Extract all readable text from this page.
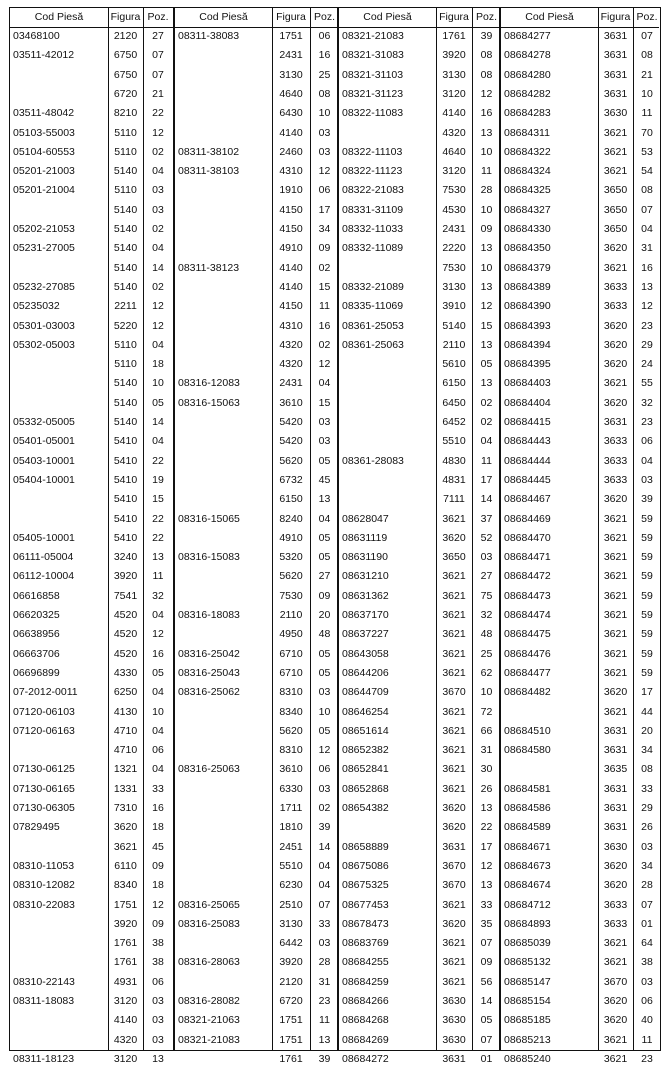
Cod Piesă	Figura Poz.
03468100	2120	27
03511-42012	6750	07
6750	07
6720	21
03511-48042	8210	22
05103-55003	5110	12
05104-60553	5110	02
05201-21003	5140	04
05201-21004	5110	03
5140	03
05202-21053	5140	02
05231-27005	5140	04
5140	14
05232-27085	5140	02
05235032	2211	12
05301-03003	5220	12
05302-05003	5110	04
5110	18
5140	10
5140	05
05332-05005	5140	14
05401-05001	5410	04
05403-10001	5410	22
05404-10001	5410	19
5410	15
5410	22
05405-10001	5410	22
06111-05004	3240	13
06112-10004	3920	11
06616858	7541	32
06620325	4520	04
06638956	4520	12
06663706	4520	16
06696899	4330	05
07-2012-0011	6250	04
07120-06103	4130	10
07120-06163	4710	04
4710	06
07130-06125	1321	04
07130-06165	1331	33
07130-06305	7310	16
07829495	3620	18
3621	45
08310-11053	6110	09
08310-12082	8340	18
08310-22083	1751	12
3920	09
1761	38
1761	38
08310-22143	4931	06
08311-18083	3120	03
4140	03
4320	03
08311-18123	3120	13
Cod Piesă	Figura Poz.
08311-38083	1751	06
2431	16
3130	25
4640	08
6430	10
4140	03
08311-38102	2460	03
08311-38103	4310	12
1910	06
4150	17
4150	34
4910	09
08311-38123	4140	02
4140	15
4150	11
4310	16
4320	02
4320	12
08316-12083	2431	04
08316-15063	3610	15
5420	03
5420	03
5620	05
6732	45
6150	13
08316-15065	8240	04
4910	05
08316-15083	5320	05
5620	27
7530	09
08316-18083	2110	20
4950	48
08316-25042	6710	05
08316-25043	6710	05
08316-25062	8310	03
8340	10
5620	05
8310	12
08316-25063	3610	06
6330	03
1711	02
1810	39
2451	14
5510	04
6230	04
08316-25065	2510	07
08316-25083	3130	33
6442	03
08316-28063	3920	28
2120	31
08316-28082	6720	23
08321-21063	1751	11
08321-21083	1751	13
1761	39
Cod Piesă	Figura Poz.
08321-21083	1761	39
08321-31083	3920	08
08321-31103	3130	08
08321-31123	3120	12
08322-11083	4140	16
4320	13
08322-11103	4640	10
08322-11123	3120	11
08322-21083	7530	28
08331-31109	4530	10
08332-11033	2431	09
08332-11089	2220	13
7530	10
08332-21089	3130	13
08335-11069	3910	12
08361-25053	5140	15
08361-25063	2110	13
5610	05
6150	13
6450	02
6452	02
5510	04
08361-28083	4830	11
4831	17
7111	14
08628047	3621	37
08631119	3620	52
08631190	3650	03
08631210	3621	27
08631362	3621	75
08637170	3621	32
08637227	3621	48
08643058	3621	25
08644206	3621	62
08644709	3670	10
08646254	3621	72
08651614	3621	66
08652382	3621	31
08652841	3621	30
08652868	3621	26
08654382	3620	13
3620	22
08658889	3631	17
08675086	3670	12
08675325	3670	13
08677453	3621	33
08678473	3620	35
08683769	3621	07
08684255	3621	09
08684259	3621	56
08684266	3630	14
08684268	3630	05
08684269	3630	07
08684272	3631	01
Cod Piesă	Figura Poz.
08684277	3631	07
08684278	3631	08
08684280	3631	21
08684282	3631	10
08684283	3630	11
08684311	3621	70
08684322	3621	53
08684324	3621	54
08684325	3650	08
08684327	3650	07
08684330	3650	04
08684350	3620	31
08684379	3621	16
08684389	3633	13
08684390	3633	12
08684393	3620	23
08684394	3620	29
08684395	3620	24
08684403	3621	55
08684404	3620	32
08684415	3631	23
08684443	3633	06
08684444	3633	04
08684445	3633	03
08684467	3620	39
08684469	3621	59
08684470	3621	59
08684471	3621	59
08684472	3621	59
08684473	3621	59
08684474	3621	59
08684475	3621	59
08684476	3621	59
08684477	3621	59
08684482	3620	17
3621	44
08684510	3631	20
08684580	3631	34
3635	08
08684581	3631	33
08684586	3631	29
08684589	3631	26
08684671	3630	03
08684673	3620	34
08684674	3620	28
08684712	3633	07
08684893	3633	01
08685039	3621	64
08685132	3621	38
08685147	3670	03
08685154	3620	06
08685185	3620	40
08685213	3621	11
08685240	3621	23
